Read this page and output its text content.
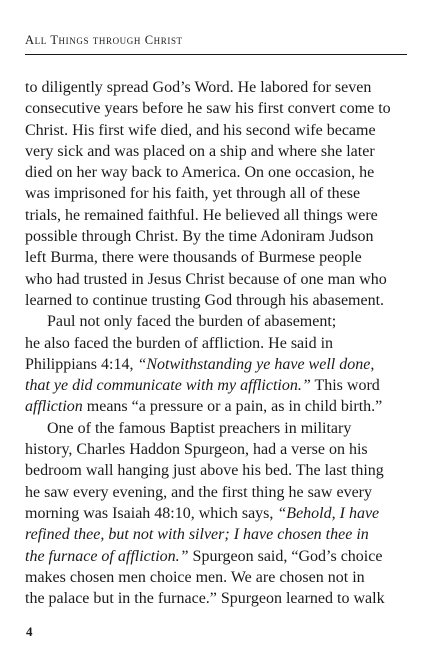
All Things through Christ
to diligently spread God’s Word. He labored for seven
consecutive years before he saw his first convert come to
Christ. His first wife died, and his second wife became
very sick and was placed on a ship and where she later
died on her way back to America. On one occasion, he
was imprisoned for his faith, yet through all of these
trials, he remained faithful. He believed all things were
possible through Christ. By the time Adoniram Judson
left Burma, there were thousands of Burmese people
who had trusted in Jesus Christ because of one man who
learned to continue trusting God through his abasement.
Paul not only faced the burden of abasement;
he also faced the burden of affliction. He said in
Philippians 4:14, “Notwithstanding ye have well done,
that ye did communicate with my affliction.” This word
affliction means “a pressure or a pain, as in child birth.”
One of the famous Baptist preachers in military
history, Charles Haddon Spurgeon, had a verse on his
bedroom wall hanging just above his bed. The last thing
he saw every evening, and the first thing he saw every
morning was Isaiah 48:10, which says, “Behold, I have
refined thee, but not with silver; I have chosen thee in
the furnace of affliction.” Spurgeon said, “God’s choice
makes chosen men choice men. We are chosen not in
the palace but in the furnace.” Spurgeon learned to walk
4
